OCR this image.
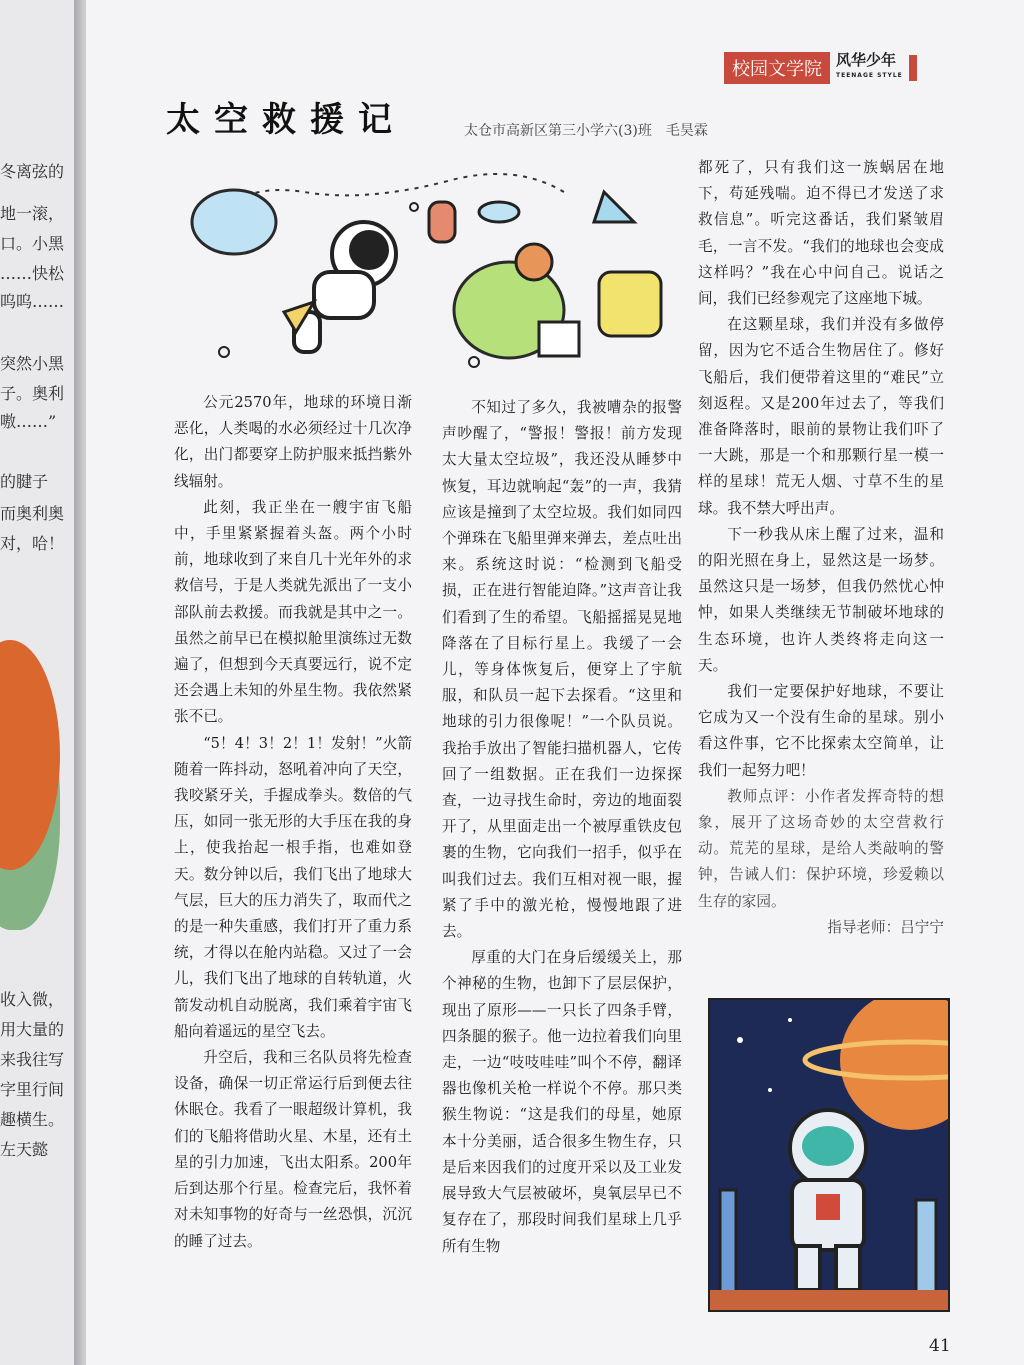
冬离弦的
地一滚，
口。小黑
……快松
呜呜……
突然小黑
子。奥利
嗷……”
的腱子
而奥利奥
对，哈！
收入微，
用大量的
来我往写
字里行间
趣横生。
左天懿
校园文学院 风华少年
TEENAGE STYLE
太空救援记	太仓市高新区第三小学六(3)班　毛昊霖

公元2570年，地球的环境日渐恶化，人类喝的水必须经过十几次净化，出门都要穿上防护服来抵挡紫外线辐射。

此刻，我正坐在一艘宇宙飞船中，手里紧紧握着头盔。两个小时前，地球收到了来自几十光年外的求救信号，于是人类就先派出了一支小部队前去救援。而我就是其中之一。虽然之前早已在模拟舱里演练过无数遍了，但想到今天真要远行，说不定还会遇上未知的外星生物。我依然紧张不已。

“5！4！3！2！1！发射！”火箭随着一阵抖动，怒吼着冲向了天空，我咬紧牙关，手握成拳头。数倍的气压，如同一张无形的大手压在我的身上，使我抬起一根手指，也难如登天。数分钟以后，我们飞出了地球大气层，巨大的压力消失了，取而代之的是一种失重感，我们打开了重力系统，才得以在舱内站稳。又过了一会儿，我们飞出了地球的自转轨道，火箭发动机自动脱离，我们乘着宇宙飞船向着遥远的星空飞去。

升空后，我和三名队员将先检查设备，确保一切正常运行后到便去往休眠仓。我看了一眼超级计算机，我们的飞船将借助火星、木星，还有土星的引力加速，飞出太阳系。200年后到达那个行星。检查完后，我怀着对未知事物的好奇与一丝恐惧，沉沉的睡了过去。

不知过了多久，我被嘈杂的报警声吵醒了，“警报！警报！前方发现太大量太空垃圾”，我还没从睡梦中恢复，耳边就响起“轰”的一声，我猜应该是撞到了太空垃圾。我们如同四个弹珠在飞船里弹来弹去，差点吐出来。系统这时说：“检测到飞船受损，正在进行智能迫降。”这声音让我们看到了生的希望。飞船摇摇晃晃地降落在了目标行星上。我缓了一会儿，等身体恢复后，便穿上了宇航服，和队员一起下去探看。“这里和地球的引力很像呢！”一个队员说。我抬手放出了智能扫描机器人，它传回了一组数据。正在我们一边探探查，一边寻找生命时，旁边的地面裂开了，从里面走出一个被厚重铁皮包裹的生物，它向我们一招手，似乎在叫我们过去。我们互相对视一眼，握紧了手中的激光枪，慢慢地跟了进去。

厚重的大门在身后缓缓关上，那个神秘的生物，也卸下了层层保护，现出了原形——一只长了四条手臂，四条腿的猴子。他一边拉着我们向里走，一边“吱吱哇哇”叫个不停，翻译器也像机关枪一样说个不停。那只类猴生物说：“这是我们的母星，她原本十分美丽，适合很多生物生存，只是后来因我们的过度开采以及工业发展导致大气层被破坏，臭氧层早已不复存在了，那段时间我们星球上几乎所有生物

都死了，只有我们这一族蜗居在地下，苟延残喘。迫不得已才发送了求救信息”。听完这番话，我们紧皱眉毛，一言不发。“我们的地球也会变成这样吗？”我在心中问自己。说话之间，我们已经参观完了这座地下城。

在这颗星球，我们并没有多做停留，因为它不适合生物居住了。修好飞船后，我们便带着这里的“难民”立刻返程。又是200年过去了，等我们准备降落时，眼前的景物让我们吓了一大跳，那是一个和那颗行星一模一样的星球！荒无人烟、寸草不生的星球。我不禁大呼出声。

下一秒我从床上醒了过来，温和的阳光照在身上，显然这是一场梦。虽然这只是一场梦，但我仍然忧心忡忡，如果人类继续无节制破坏地球的生态环境，也许人类终将走向这一天。

我们一定要保护好地球，不要让它成为又一个没有生命的星球。别小看这件事，它不比探索太空简单，让我们一起努力吧！

教师点评：小作者发挥奇特的想象，展开了这场奇妙的太空营救行动。荒芜的星球，是给人类敲响的警钟，告诫人们：保护环境，珍爱赖以生存的家园。

指导老师：吕宁宁
41
